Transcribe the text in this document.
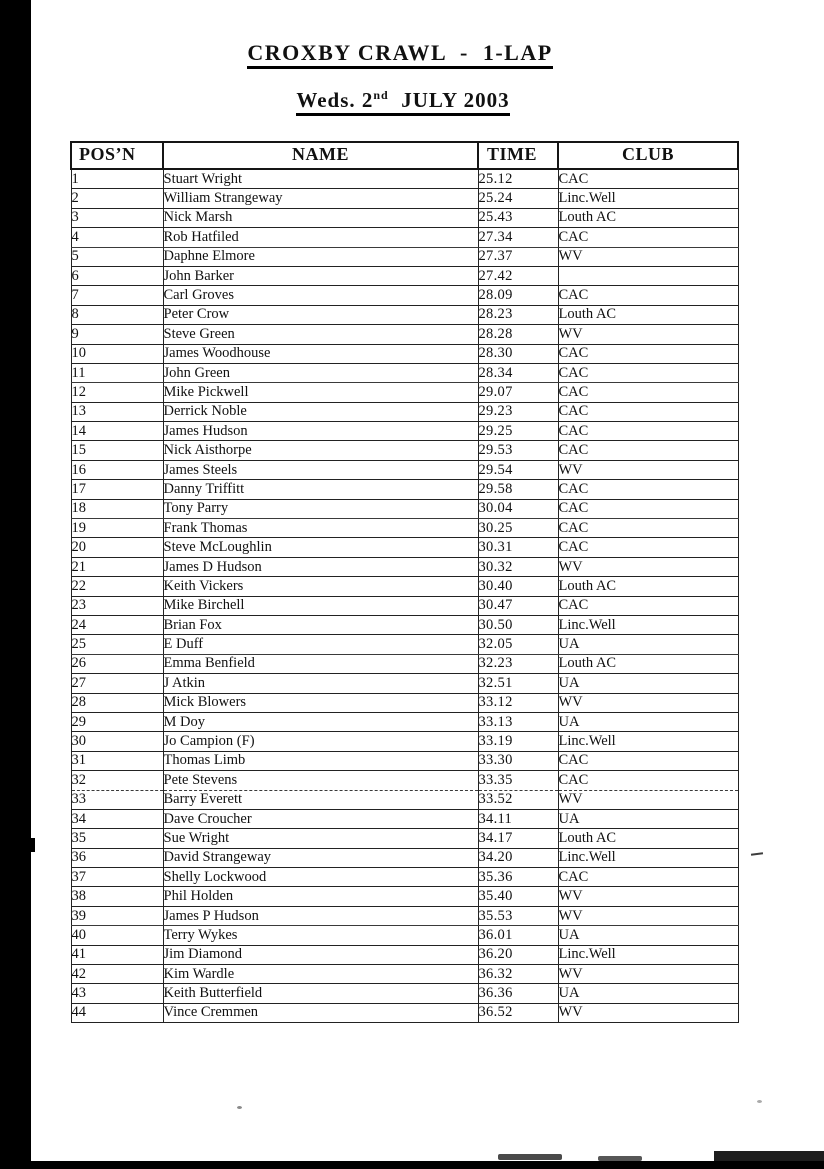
CROXBY CRAWL  -  1-LAP
Weds. 2nd  JULY 2003
POS’N	NAME	TIME	CLUB
1	Stuart Wright	25.12	CAC
2	William Strangeway	25.24	Linc.Well
3	Nick Marsh	25.43	Louth AC
4	Rob Hatfiled	27.34	CAC
5	Daphne Elmore	27.37	WV
6	John Barker	27.42	
7	Carl Groves	28.09	CAC
8	Peter Crow	28.23	Louth AC
9	Steve Green	28.28	WV
10	James Woodhouse	28.30	CAC
11	John Green	28.34	CAC
12	Mike Pickwell	29.07	CAC
13	Derrick Noble	29.23	CAC
14	James Hudson	29.25	CAC
15	Nick Aisthorpe	29.53	CAC
16	James Steels	29.54	WV
17	Danny Triffitt	29.58	CAC
18	Tony Parry	30.04	CAC
19	Frank Thomas	30.25	CAC
20	Steve McLoughlin	30.31	CAC
21	James D Hudson	30.32	WV
22	Keith Vickers	30.40	Louth AC
23	Mike Birchell	30.47	CAC
24	Brian Fox	30.50	Linc.Well
25	E Duff	32.05	UA
26	Emma Benfield	32.23	Louth AC
27	J Atkin	32.51	UA
28	Mick Blowers	33.12	WV
29	M Doy	33.13	UA
30	Jo Campion (F)	33.19	Linc.Well
31	Thomas Limb	33.30	CAC
32	Pete Stevens	33.35	CAC
33	Barry Everett	33.52	WV
34	Dave Croucher	34.11	UA
35	Sue Wright	34.17	Louth AC
36	David Strangeway	34.20	Linc.Well
37	Shelly Lockwood	35.36	CAC
38	Phil Holden	35.40	WV
39	James P Hudson	35.53	WV
40	Terry Wykes	36.01	UA
41	Jim Diamond	36.20	Linc.Well
42	Kim Wardle	36.32	WV
43	Keith Butterfield	36.36	UA
44	Vince Cremmen	36.52	WV
